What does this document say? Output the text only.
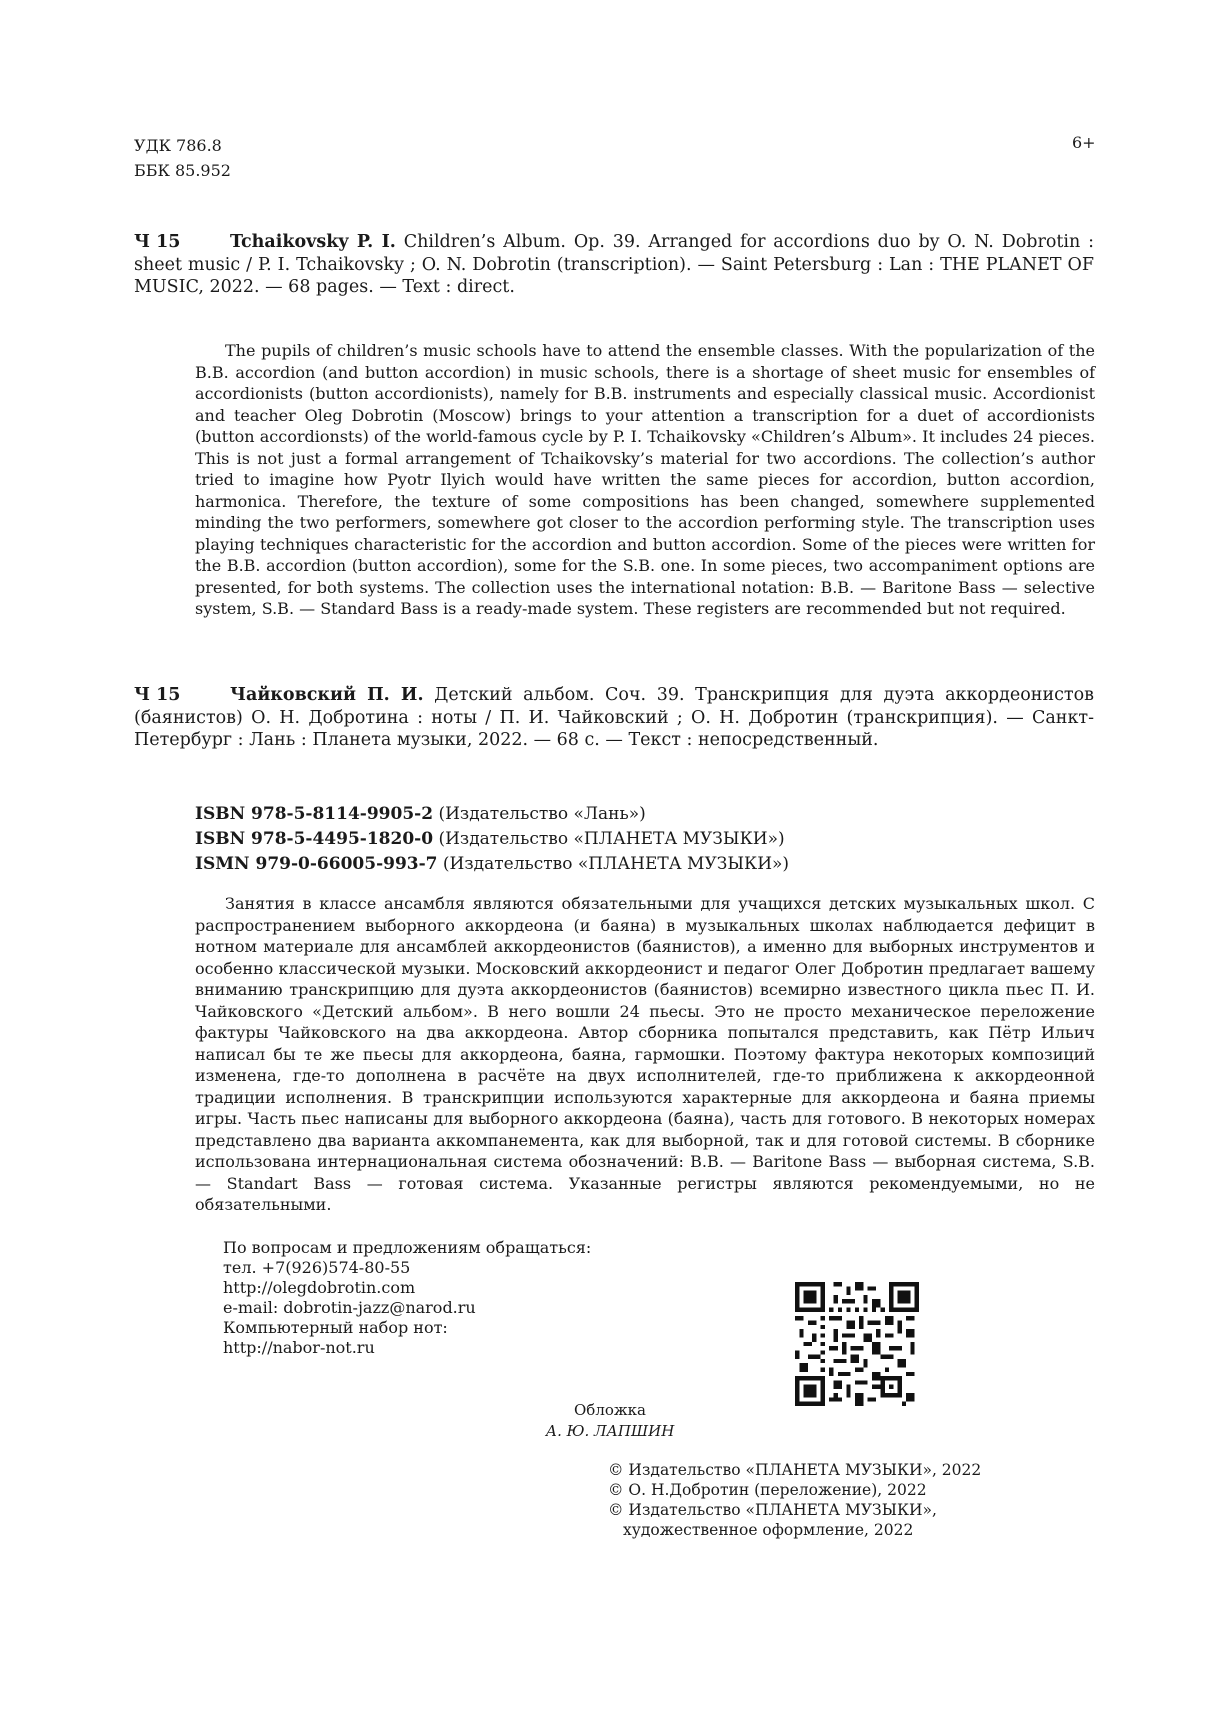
УДК 786.8
ББК 85.952
6+
Ч 15	Tchaikovsky P. I. Children’s Album. Op. 39. Arranged for accordions duo by O. N. Dobrotin : sheet music / P. I. Tchaikovsky ; O. N. Dobrotin (transcription). — Saint Petersburg : Lan : THE PLANET OF MUSIC, 2022. — 68 pages. — Text : direct.
The pupils of children’s music schools have to attend the ensemble classes. With the popularization of the B.B. accordion (and button accordion) in music schools, there is a shortage of sheet music for ensembles of accordionists (button accordionists), namely for B.B. instruments and especially classical music. Accordionist and teacher Oleg Dobrotin (Moscow) brings to your attention a transcription for a duet of accordionists (button accordionsts) of the world-famous cycle by P. I. Tchaikovsky «Children’s Album». It includes 24 pieces. This is not just a formal arrangement of Tchaikovsky’s material for two accordions. The collection’s author tried to imagine how Pyotr Ilyich would have written the same pieces for accordion, button accordion, harmonica. Therefore, the texture of some compositions has been changed, somewhere supplemented minding the two performers, somewhere got closer to the accordion performing style. The transcription uses playing techniques characteristic for the accordion and button accordion. Some of the pieces were written for the B.B. accordion (button accordion), some for the S.B. one. In some pieces, two accompaniment options are presented, for both systems. The collection uses the international notation: B.B. — Baritone Bass — selective system, S.B. — Standard Bass is a ready-made system. These registers are recommended but not required.
Ч 15	Чайковский П. И. Детский альбом. Соч. 39. Транскрипция для дуэта аккордеонистов (баянистов) О. Н. Добротина : ноты / П. И. Чайковский ; О. Н. Добротин (транскрипция). — Санкт-Петербург : Лань : Планета музыки, 2022. — 68 с. — Текст : непосредственный.
ISBN 978-5-8114-9905-2 (Издательство «Лань»)
ISBN 978-5-4495-1820-0 (Издательство «ПЛАНЕТА МУЗЫКИ»)
ISMN 979-0-66005-993-7 (Издательство «ПЛАНЕТА МУЗЫКИ»)
Занятия в классе ансамбля являются обязательными для учащихся детских музыкальных школ. С распространением выборного аккордеона (и баяна) в музыкальных школах наблюдается дефицит в нотном материале для ансамблей аккордеонистов (баянистов), а именно для выборных инструментов и особенно классической музыки. Московский аккордеонист и педагог Олег Добротин предлагает вашему вниманию транскрипцию для дуэта аккордеонистов (баянистов) всемирно известного цикла пьес П. И. Чайковского «Детский альбом». В него вошли 24 пьесы. Это не просто механическое переложение фактуры Чайковского на два аккордеона. Автор сборника попытался представить, как Пётр Ильич написал бы те же пьесы для аккордеона, баяна, гармошки. Поэтому фактура некоторых композиций изменена, где-то дополнена в расчёте на двух исполнителей, где-то приближена к аккордеонной традиции исполнения. В транскрипции используются характерные для аккордеона и баяна приемы игры. Часть пьес написаны для выборного аккордеона (баяна), часть для готового. В некоторых номерах представлено два варианта аккомпанемента, как для выборной, так и для готовой системы. В сборнике использована интернациональная система обозначений: B.B. — Baritone Bass — выборная система, S.B. — Standart Bass — готовая система. Указанные регистры являются рекомендуемыми, но не обязательными.
По вопросам и предложениям обращаться:
тел. +7(926)574-80-55
http://olegdobrotin.com
e-mail: dobrotin-jazz@narod.ru
Компьютерный набор нот:
http://nabor-not.ru
Обложка
А. Ю. ЛАПШИН
© Издательство «ПЛАНЕТА МУЗЫКИ», 2022
© О. Н.Добротин (переложение), 2022
© Издательство «ПЛАНЕТА МУЗЫКИ»,
художественное оформление, 2022
